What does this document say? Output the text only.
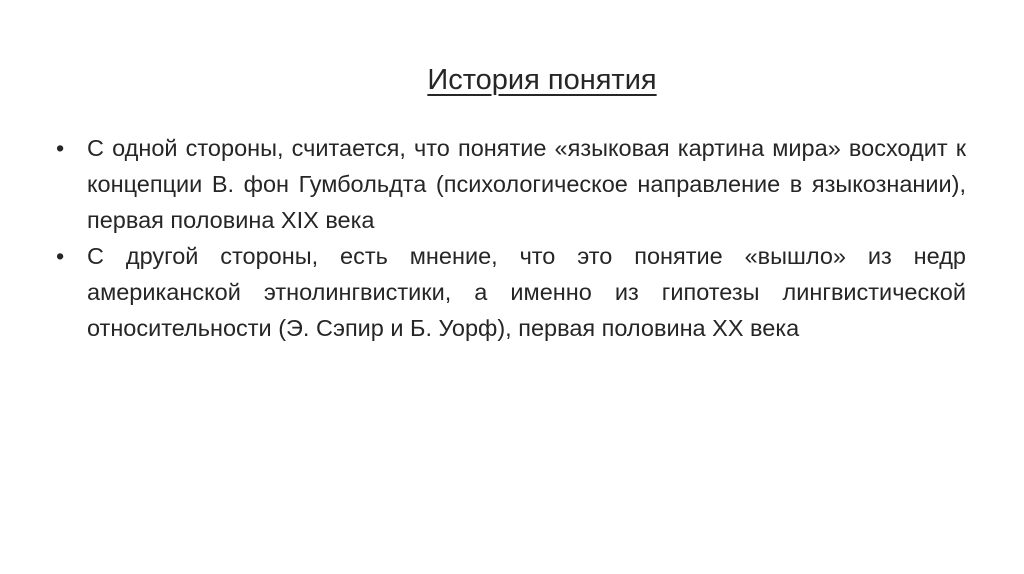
История понятия
• С одной стороны, считается, что понятие «языковая картина мира» восходит к концепции В. фон Гумбольдта (психологическое направление в языкознании), первая половина XIX века
• С другой стороны, есть мнение, что это понятие «вышло» из недр американской этнолингвистики, а именно из гипотезы лингвистической относительности (Э. Сэпир и Б. Уорф), первая половина XX века
